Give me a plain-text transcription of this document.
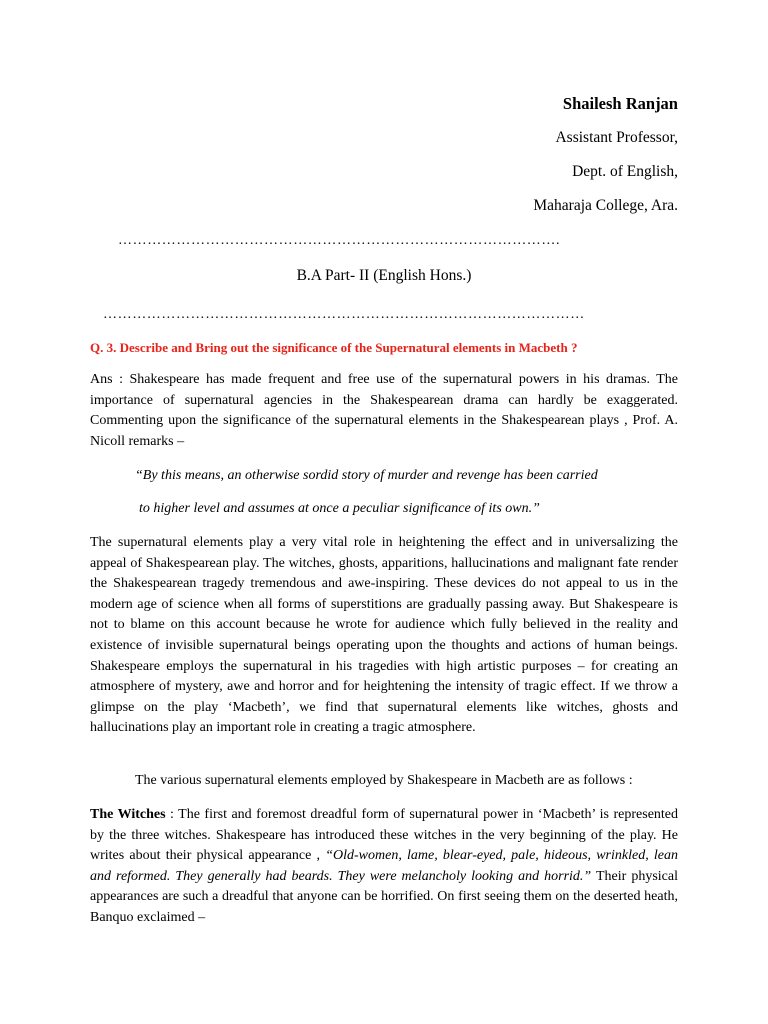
Shailesh Ranjan
Assistant Professor,
Dept. of English,
Maharaja College, Ara.
……………………………………………………………………………….
B.A Part- II (English Hons.)
………………………………………………………………………………………
Q. 3. Describe and Bring out the significance of the Supernatural elements in Macbeth ?

Ans : Shakespeare has made frequent and free use of the supernatural powers in his dramas. The importance of supernatural agencies in the Shakespearean drama can hardly be exaggerated. Commenting upon the significance of the supernatural elements in the Shakespearean plays , Prof. A. Nicoll remarks –

“By this means, an otherwise sordid story of murder and revenge has been carried
to higher level and assumes at once a peculiar significance of its own.”

The supernatural elements play a very vital role in heightening the effect and in universalizing the appeal of Shakespearean play. The witches, ghosts, apparitions, hallucinations and malignant fate render the Shakespearean tragedy tremendous and awe-inspiring. These devices do not appeal to us in the modern age of science when all forms of superstitions are gradually passing away. But Shakespeare is not to blame on this account because he wrote for audience which fully believed in the reality and existence of invisible supernatural beings operating upon the thoughts and actions of human beings. Shakespeare employs the supernatural in his tragedies with high artistic purposes – for creating an atmosphere of mystery, awe and horror and for heightening the intensity of tragic effect. If we throw a glimpse on the play ‘Macbeth’, we find that supernatural elements like witches, ghosts and hallucinations play an important role in creating a tragic atmosphere.

The various supernatural elements employed by Shakespeare in Macbeth are as follows :

The Witches : The first and foremost dreadful form of supernatural power in ‘Macbeth’ is represented by the three witches. Shakespeare has introduced these witches in the very beginning of the play. He writes about their physical appearance , “Old-women, lame, blear-eyed, pale, hideous, wrinkled, lean and reformed. They generally had beards. They were melancholy looking and horrid.” Their physical appearances are such a dreadful that anyone can be horrified. On first seeing them on the deserted heath, Banquo exclaimed –
